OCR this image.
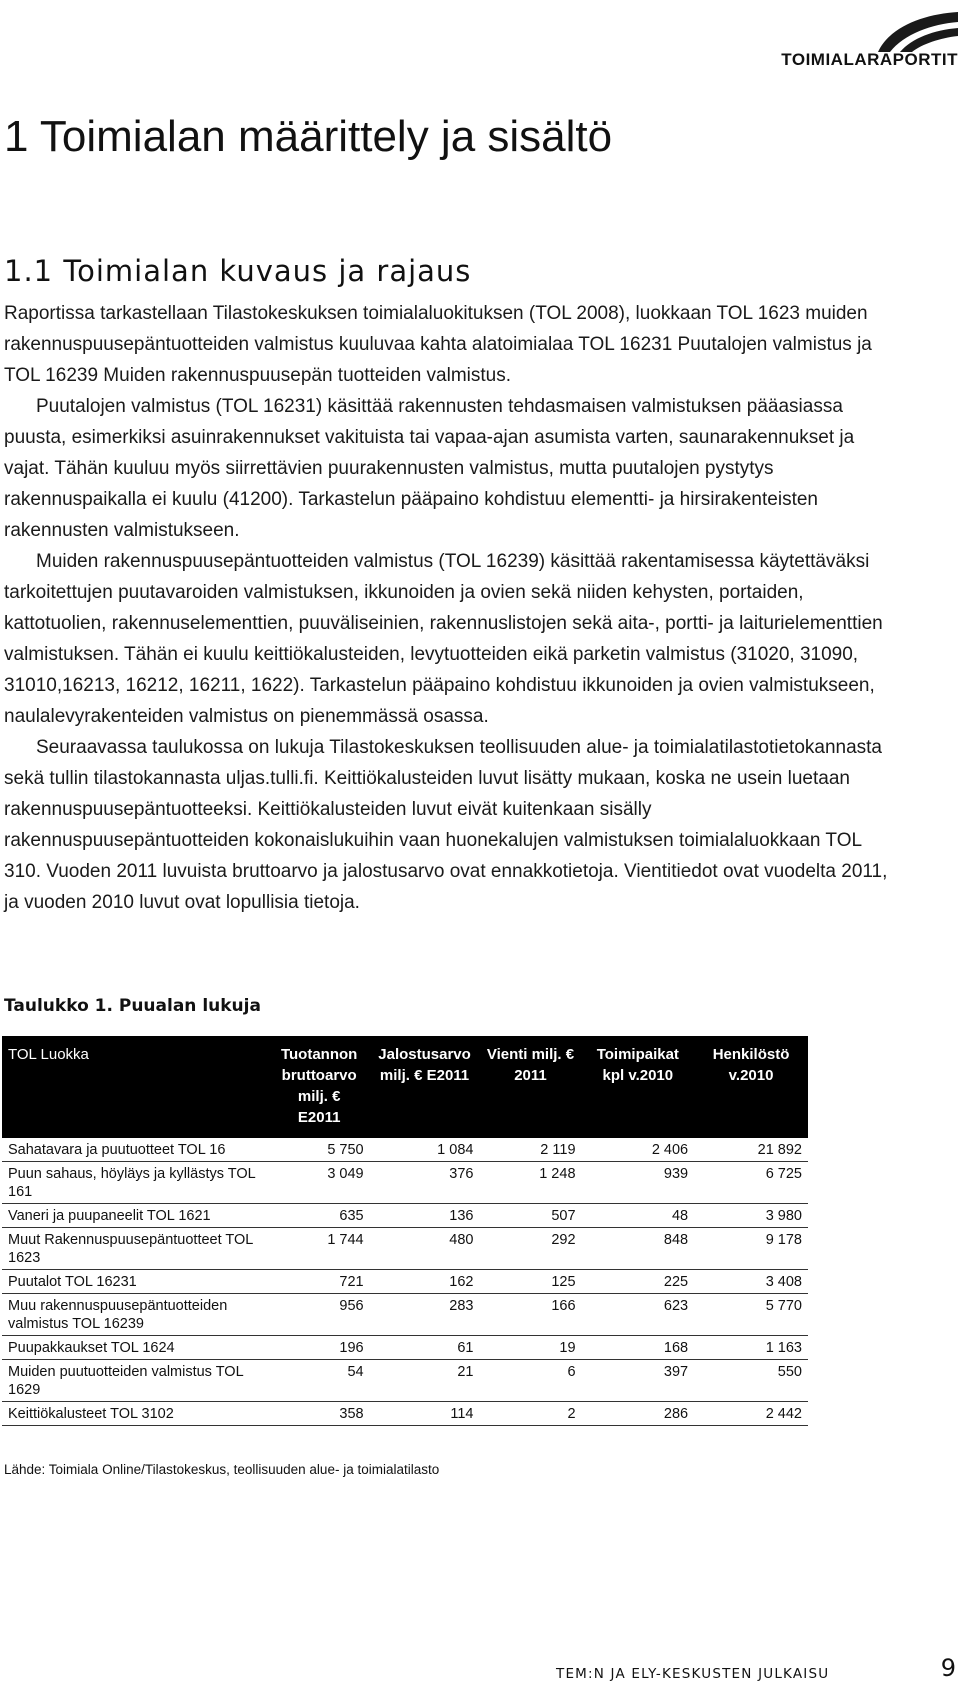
TOIMIALARAPORTIT
1 Toimialan määrittely ja sisältö
1.1 Toimialan kuvaus ja rajaus

Raportissa tarkastellaan Tilastokeskuksen toimialaluokituksen (TOL 2008), luokkaan TOL 1623 muiden rakennuspuusepäntuotteiden valmistus kuuluvaa kahta alatoimialaa TOL 16231 Puutalojen valmistus ja TOL 16239 Muiden rakennuspuusepän tuotteiden valmistus.

Puutalojen valmistus (TOL 16231) käsittää rakennusten tehdasmaisen valmistuksen pääasiassa puusta, esimerkiksi asuinrakennukset vakituista tai vapaa-ajan asumista varten, saunarakennukset ja vajat. Tähän kuuluu myös siirrettävien puurakennusten valmistus, mutta puutalojen pystytys rakennuspaikalla ei kuulu (41200). Tarkastelun pääpaino kohdistuu elementti- ja hirsirakenteisten rakennusten valmistukseen.

Muiden rakennuspuusepäntuotteiden valmistus (TOL 16239) käsittää rakentamisessa käytettäväksi tarkoitettujen puutavaroiden valmistuksen, ikkunoiden ja ovien sekä niiden kehysten, portaiden, kattotuolien, rakennuselementtien, puuväliseinien, rakennuslistojen sekä aita-, portti- ja laiturielementtien valmistuksen. Tähän ei kuulu keittiökalusteiden, levytuotteiden eikä parketin valmistus (31020, 31090, 31010,16213, 16212, 16211, 1622). Tarkastelun pääpaino kohdistuu ikkunoiden ja ovien valmistukseen, naulalevyrakenteiden valmistus on pienemmässä osassa.

Seuraavassa taulukossa on lukuja Tilastokeskuksen teollisuuden alue- ja toimialatilastotietokannasta sekä tullin tilastokannasta uljas.tulli.fi. Keittiökalusteiden luvut lisätty mukaan, koska ne usein luetaan rakennuspuusepäntuotteeksi. Keittiökalusteiden luvut eivät kuitenkaan sisälly rakennuspuusepäntuotteiden kokonaislukuihin vaan huonekalujen valmistuksen toimialaluokkaan TOL 310. Vuoden 2011 luvuista bruttoarvo ja jalostusarvo ovat ennakkotietoja. Vientitiedot ovat vuodelta 2011, ja vuoden 2010 luvut ovat lopullisia tietoja.

Taulukko 1. Puualan lukuja
TOL Luokka	Tuotannon bruttoarvo milj. € E2011	Jalostusarvo milj. € E2011	Vienti milj. € 2011	Toimipaikat kpl v.2010	Henkilöstö v.2010
Sahatavara ja puutuotteet TOL 16	5 750	1 084	2 119	2 406	21 892
Puun sahaus, höyläys ja kyllästys TOL 161	3 049	376	1 248	939	6 725
Vaneri ja puupaneelit TOL 1621	635	136	507	48	3 980
Muut Rakennuspuusepäntuotteet TOL 1623	1 744	480	292	848	9 178
Puutalot TOL 16231	721	162	125	225	3 408
Muu rakennuspuusepäntuotteiden valmistus TOL 16239	956	283	166	623	5 770
Puupakkaukset TOL 1624	196	61	19	168	1 163
Muiden puutuotteiden valmistus TOL 1629	54	21	6	397	550
Keittiökalusteet TOL 3102	358	114	2	286	2 442
Lähde: Toimiala Online/Tilastokeskus, teollisuuden alue- ja toimialatilasto
TEM:N JA ELY-KESKUSTEN JULKAISU	9
